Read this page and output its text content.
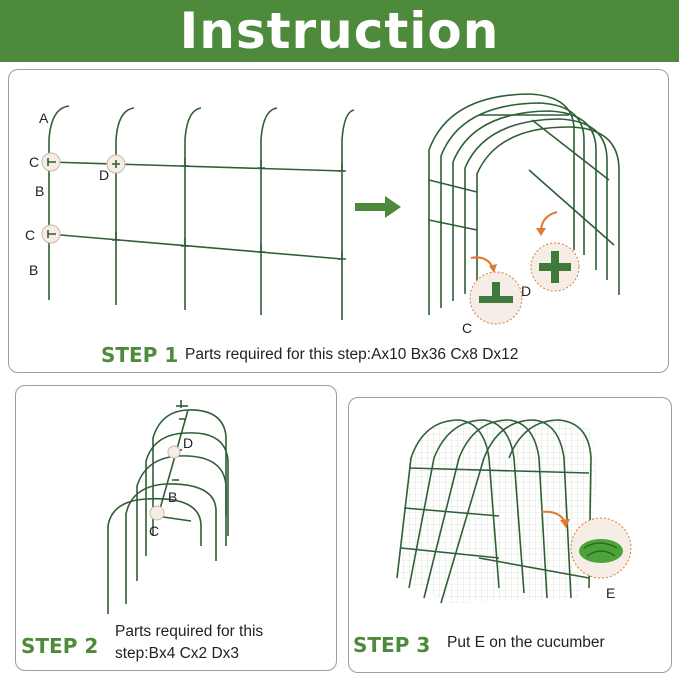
Instruction
A
B
C
D
C
B
D
C
STEP 1 Parts required for this step:Ax10 Bx36 Cx8 Dx12
D
B
C
STEP 2
Parts required for this
step:Bx4 Cx2 Dx3
E
STEP 3 Put E on the cucumber
